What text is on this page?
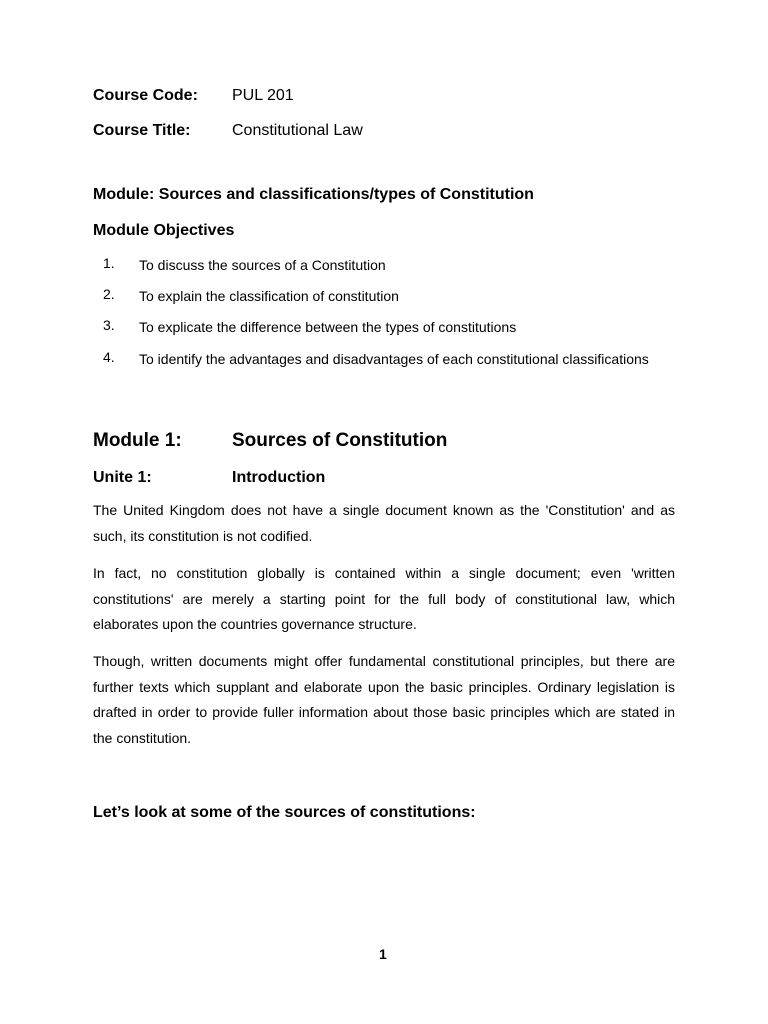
Course Code: PUL 201
Course Title:	Constitutional Law
Module: Sources and classifications/types of Constitution
Module Objectives
1.	To discuss the sources of a Constitution
2.	To explain the classification of constitution
3.	To explicate the difference between the types of constitutions
4.	To identify the advantages and disadvantages of each constitutional classifications
Module 1:	Sources of Constitution
Unite 1:	Introduction

The United Kingdom does not have a single document known as the 'Constitution' and as such, its constitution is not codified.

In fact, no constitution globally is contained within a single document; even 'written constitutions' are merely a starting point for the full body of constitutional law, which elaborates upon the countries governance structure.

Though, written documents might offer fundamental constitutional principles, but there are further texts which supplant and elaborate upon the basic principles. Ordinary legislation is drafted in order to provide fuller information about those basic principles which are stated in the constitution.

Let’s look at some of the sources of constitutions:
1
